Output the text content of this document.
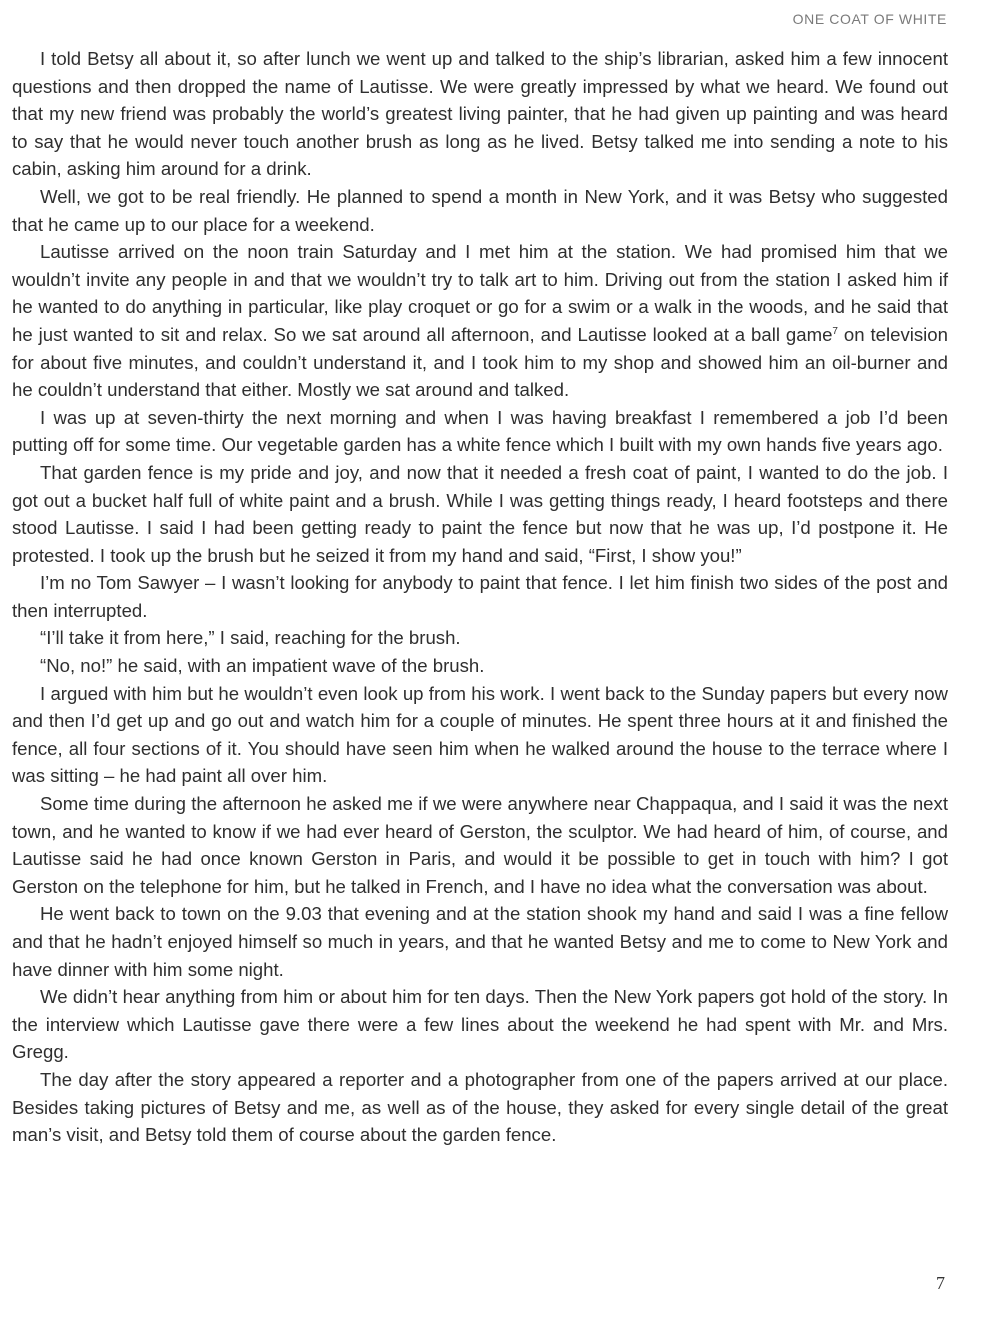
ONE COAT OF WHITE

I told Betsy all about it, so after lunch we went up and talked to the ship’s librarian, asked him a few innocent questions and then dropped the name of Lautisse. We were greatly impressed by what we heard. We found out that my new friend was probably the world’s greatest living painter, that he had given up painting and was heard to say that he would never touch another brush as long as he lived. Betsy talked me into sending a note to his cabin, asking him around for a drink.

Well, we got to be real friendly. He planned to spend a month in New York, and it was Betsy who suggested that he came up to our place for a weekend.

Lautisse arrived on the noon train Saturday and I met him at the station. We had promised him that we wouldn’t invite any people in and that we wouldn’t try to talk art to him. Driving out from the station I asked him if he wanted to do anything in particular, like play croquet or go for a swim or a walk in the woods, and he said that he just wanted to sit and relax. So we sat around all afternoon, and Lautisse looked at a ball game$^7$ on television for about five minutes, and couldn’t understand it, and I took him to my shop and showed him an oil-burner and he couldn’t understand that either. Mostly we sat around and talked.

I was up at seven-thirty the next morning and when I was having breakfast I remembered a job I’d been putting off for some time. Our vegetable garden has a white fence which I built with my own hands five years ago.

That garden fence is my pride and joy, and now that it needed a fresh coat of paint, I wanted to do the job. I got out a bucket half full of white paint and a brush. While I was getting things ready, I heard footsteps and there stood Lautisse. I said I had been getting ready to paint the fence but now that he was up, I’d postpone it. He protested. I took up the brush but he seized it from my hand and said, “First, I show you!”

I’m no Tom Sawyer – I wasn’t looking for anybody to paint that fence. I let him finish two sides of the post and then interrupted.

“I’ll take it from here,” I said, reaching for the brush.

“No, no!” he said, with an impatient wave of the brush.

I argued with him but he wouldn’t even look up from his work. I went back to the Sunday papers but every now and then I’d get up and go out and watch him for a couple of minutes. He spent three hours at it and finished the fence, all four sections of it. You should have seen him when he walked around the house to the terrace where I was sitting – he had paint all over him.

Some time during the afternoon he asked me if we were anywhere near Chappaqua, and I said it was the next town, and he wanted to know if we had ever heard of Gerston, the sculptor. We had heard of him, of course, and Lautisse said he had once known Gerston in Paris, and would it be possible to get in touch with him? I got Gerston on the telephone for him, but he talked in French, and I have no idea what the conversation was about.

He went back to town on the 9.03 that evening and at the station shook my hand and said I was a fine fellow and that he hadn’t enjoyed himself so much in years, and that he wanted Betsy and me to come to New York and have dinner with him some night.

We didn’t hear anything from him or about him for ten days. Then the New York papers got hold of the story. In the interview which Lautisse gave there were a few lines about the weekend he had spent with Mr. and Mrs. Gregg.

The day after the story appeared a reporter and a photographer from one of the papers arrived at our place. Besides taking pictures of Betsy and me, as well as of the house, they asked for every single detail of the great man’s visit, and Betsy told them of course about the garden fence.

7
